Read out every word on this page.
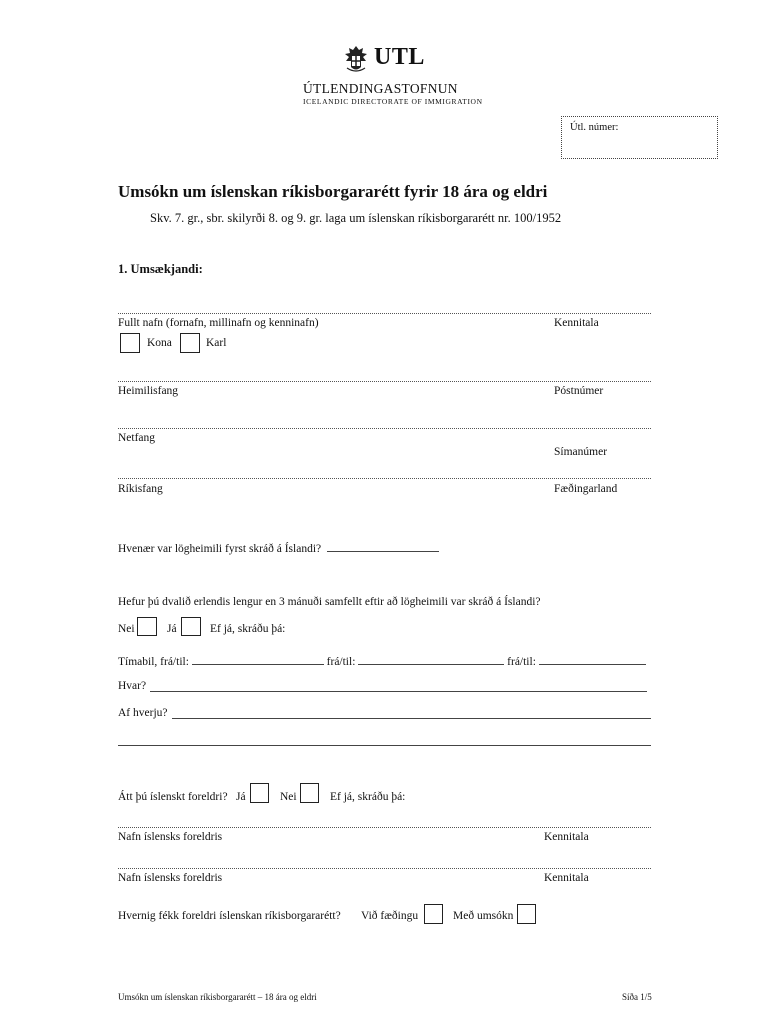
UTL
ÚTLENDINGASTOFNUN
ICELANDIC DIRECTORATE OF IMMIGRATION
Útl. númer:
Umsókn um íslenskan ríkisborgararétt fyrir 18 ára og eldri
Skv. 7. gr., sbr. skilyrði 8. og 9. gr. laga um íslenskan ríkisborgararétt nr. 100/1952
1. Umsækjandi:
Fullt nafn (fornafn, millinafn og kenninafn)	Kennitala
Kona	Karl
Heimilisfang	Póstnúmer
Netfang
Símanúmer
Ríkisfang	Fæðingarland
Hvenær var lögheimili fyrst skráð á Íslandi?
Hefur þú dvalið erlendis lengur en 3 mánuði samfellt eftir að lögheimili var skráð á Íslandi?
Nei	Já	Ef já, skráðu þá:
Tímabil, frá/til:	frá/til:	frá/til:
Hvar?
Af hverju?
Átt þú íslenskt foreldri? Já	Nei	Ef já, skráðu þá:
Nafn íslensks foreldris	Kennitala
Nafn íslensks foreldris	Kennitala
Hvernig fékk foreldri íslenskan ríkisborgararétt? Við fæðingu	Með umsókn
Umsókn um íslenskan ríkisborgararétt – 18 ára og eldri	Síða 1/5
